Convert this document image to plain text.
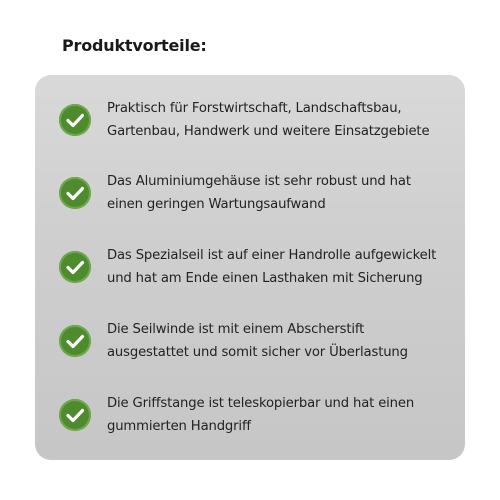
Produktvorteile:
Praktisch für Forstwirtschaft, Landschaftsbau,
Gartenbau, Handwerk und weitere Einsatzgebiete
Das Aluminiumgehäuse ist sehr robust und hat
einen geringen Wartungsaufwand
Das Spezialseil ist auf einer Handrolle aufgewickelt
und hat am Ende einen Lasthaken mit Sicherung
Die Seilwinde ist mit einem Abscherstift
ausgestattet und somit sicher vor Überlastung
Die Griffstange ist teleskopierbar und hat einen
gummierten Handgriff
